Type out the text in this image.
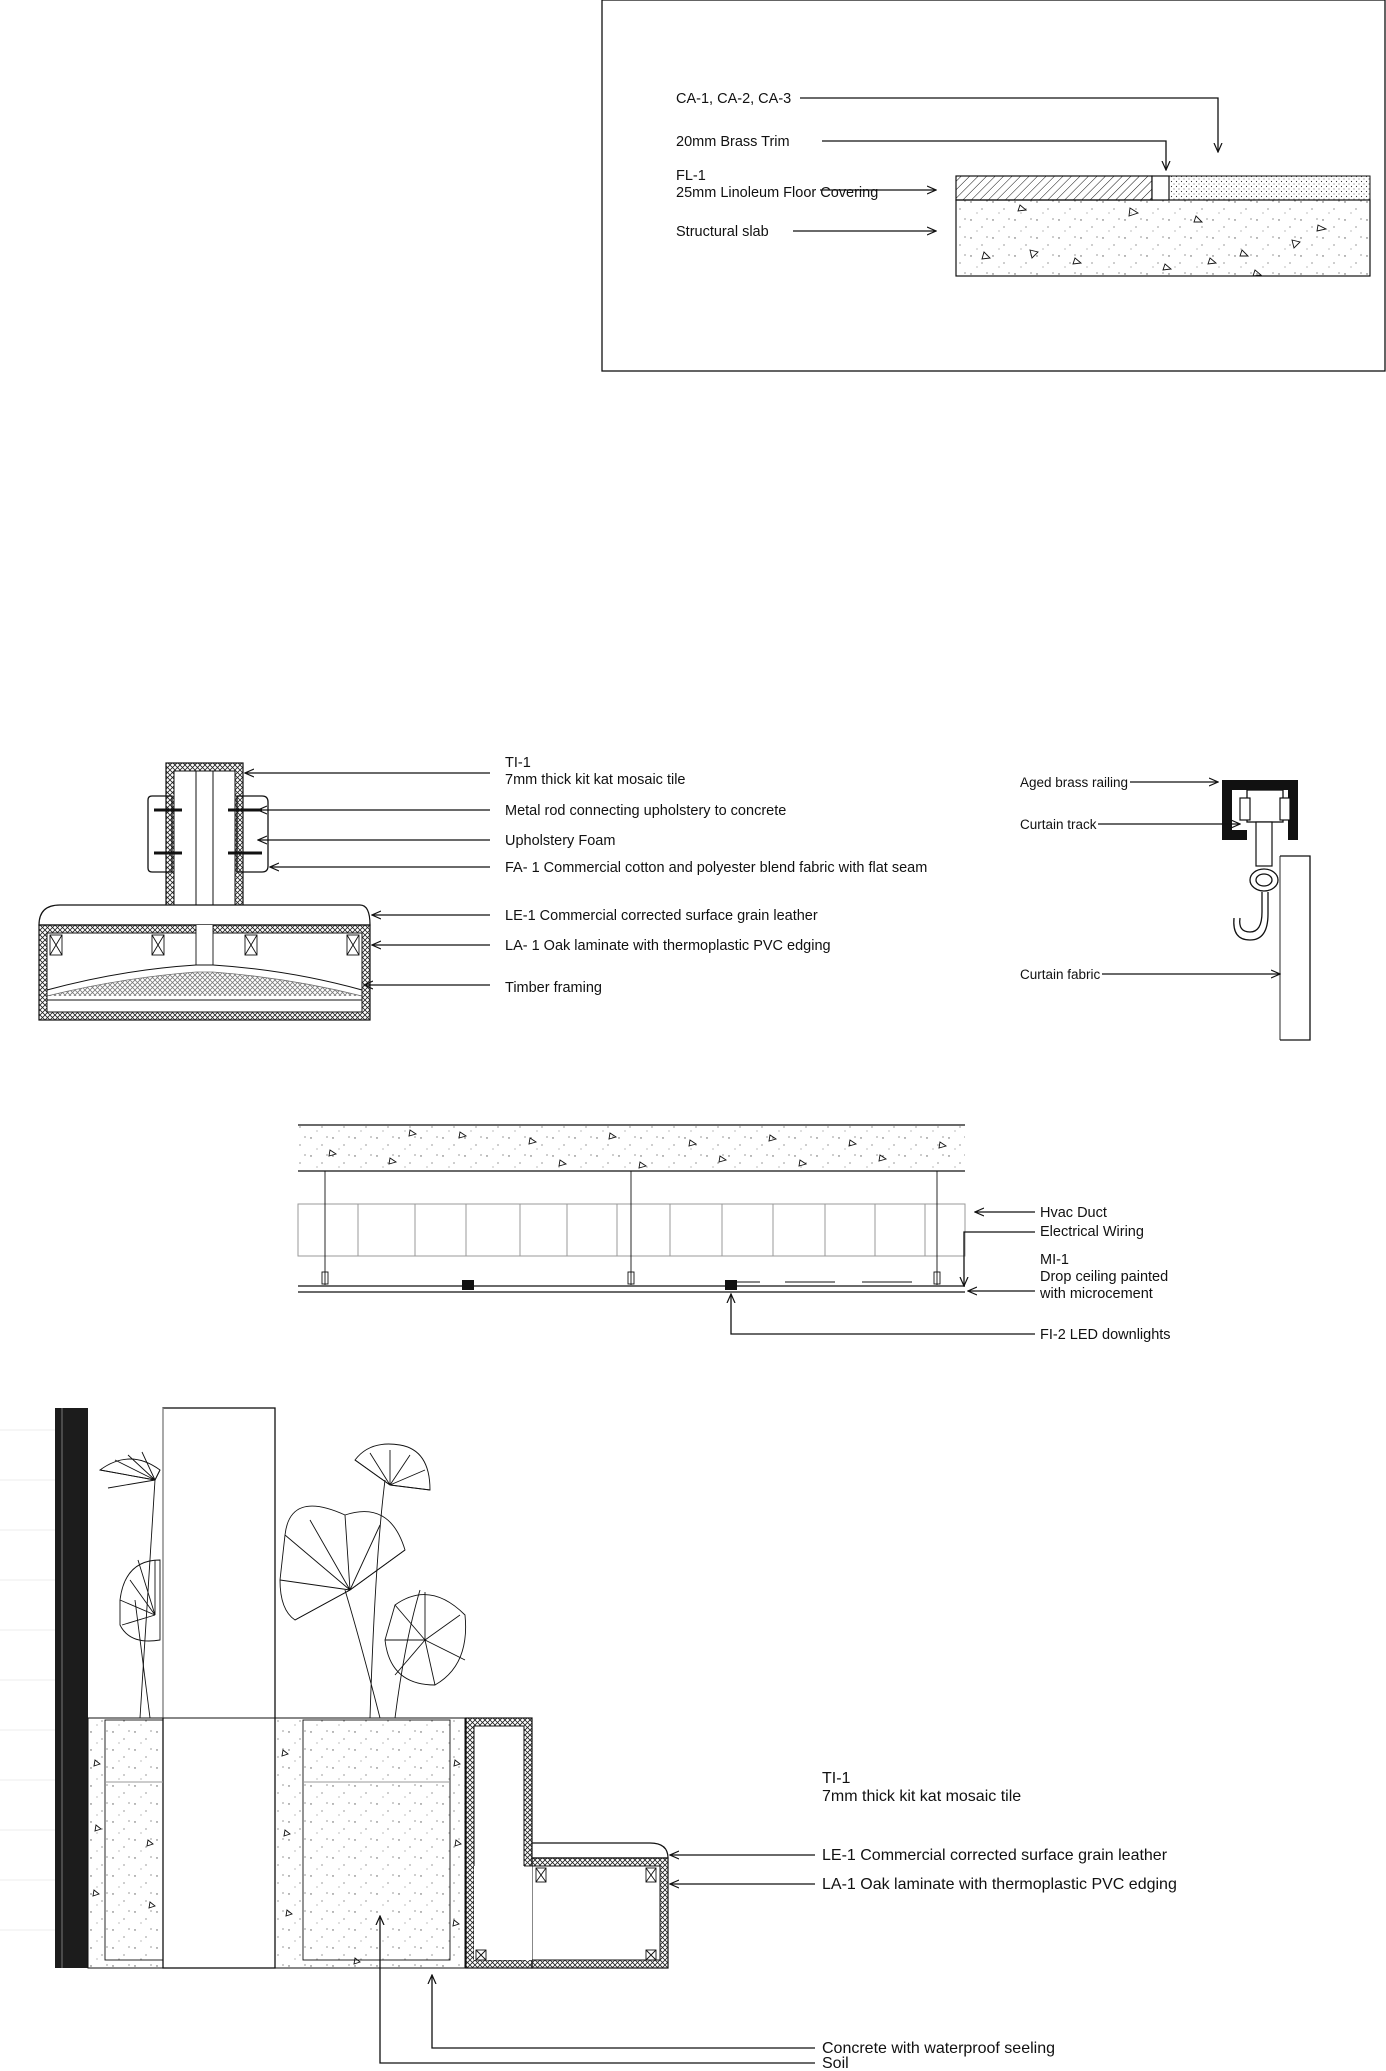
CA-1, CA-2, CA-3
20mm Brass Trim
FL-1
25mm Linoleum Floor Covering
Structural slab
TI-1
7mm thick kit kat mosaic tile
Metal rod connecting upholstery to concrete
Upholstery Foam
FA- 1 Commercial cotton and polyester blend fabric with flat seam
LE-1 Commercial corrected surface grain leather
LA- 1 Oak laminate with thermoplastic PVC edging
Timber framing
Aged brass railing
Curtain track
Curtain fabric
Hvac Duct
Electrical Wiring
MI-1
Drop ceiling painted
with microcement
FI-2 LED downlights
TI-1
7mm thick kit kat mosaic tile
LE-1 Commercial corrected surface grain leather
LA-1 Oak laminate with thermoplastic PVC edging
Concrete with waterproof seeling
Soil
